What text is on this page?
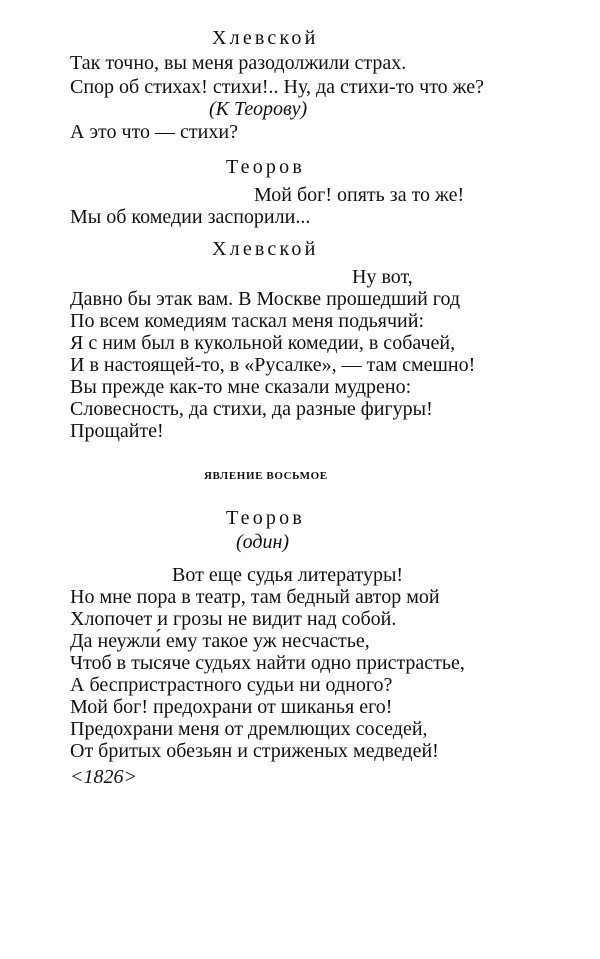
Хлевской

Так точно, вы меня разодолжили страх.

Спор об стихах! стихи!.. Ну, да стихи-то что же?

(К Теорову)

А это что — стихи?

Теоров

Мой бог! опять за то же!

Мы об комедии заспорили...

Хлевской

Ну вот,

Давно бы этак вам. В Москве прошедший год

По всем комедиям таскал меня подьячий:

Я с ним был в кукольной комедии, в собачей,

И в настоящей-то, в «Русалке», — там смешно!

Вы прежде как-то мне сказали мудрено:

Словесность, да стихи, да разные фигуры!

Прощайте!

ЯВЛЕНИЕ ВОСЬМОЕ

Теоров

(один)

Вот еще судья литературы!

Но мне пора в театр, там бедный автор мой

Хлопочет и грозы не видит над собой.

Да неужли́ ему такое уж несчастье,

Чтоб в тысяче судьях найти одно пристрастье,

А беспристрастного судьи ни одного?

Мой бог! предохрани от шиканья его!

Предохрани меня от дремлющих соседей,

От бритых обезьян и стриженых медведей!

<1826>
